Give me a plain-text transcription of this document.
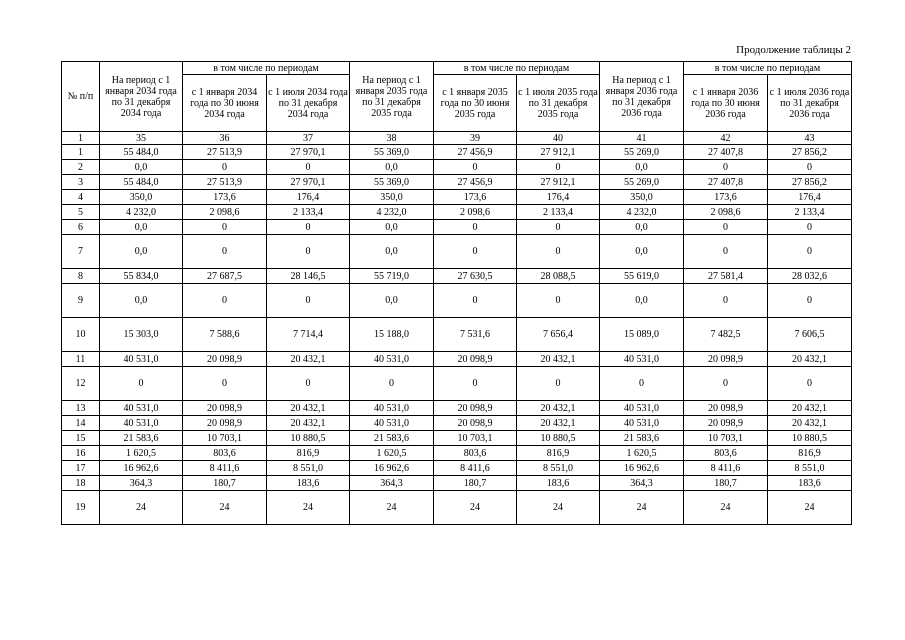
Продолжение таблицы 2
№ п/п	На период с 1 января 2034 года по 31 декабря 2034 года	в том числе по периодам		На период с 1 января 2035 года по 31 декабря 2035 года	в том числе по периодам		На период с 1 января 2036 года по 31 декабря 2036 года	в том числе по периодам	
		с 1 января 2034 года по 30 июня 2034 года	с 1 июля 2034 года по 31 декабря 2034 года		с 1 января 2035 года по 30 июня 2035 года	с 1 июля 2035 года по 31 декабря 2035 года		с 1 января 2036 года по 30 июня 2036 года	с 1 июля 2036 года по 31 декабря 2036 года
1	35	36	37	38	39	40	41	42	43
1	55 484,0	27 513,9	27 970,1	55 369,0	27 456,9	27 912,1	55 269,0	27 407,8	27 856,2
2	0,0	0	0	0,0	0	0	0,0	0	0
3	55 484,0	27 513,9	27 970,1	55 369,0	27 456,9	27 912,1	55 269,0	27 407,8	27 856,2
4	350,0	173,6	176,4	350,0	173,6	176,4	350,0	173,6	176,4
5	4 232,0	2 098,6	2 133,4	4 232,0	2 098,6	2 133,4	4 232,0	2 098,6	2 133,4
6	0,0	0	0	0,0	0	0	0,0	0	0
7	0,0	0	0	0,0	0	0	0,0	0	0
8	55 834,0	27 687,5	28 146,5	55 719,0	27 630,5	28 088,5	55 619,0	27 581,4	28 032,6
9	0,0	0	0	0,0	0	0	0,0	0	0
10	15 303,0	7 588,6	7 714,4	15 188,0	7 531,6	7 656,4	15 089,0	7 482,5	7 606,5
11	40 531,0	20 098,9	20 432,1	40 531,0	20 098,9	20 432,1	40 531,0	20 098,9	20 432,1
12	0	0	0	0	0	0	0	0	0
13	40 531,0	20 098,9	20 432,1	40 531,0	20 098,9	20 432,1	40 531,0	20 098,9	20 432,1
14	40 531,0	20 098,9	20 432,1	40 531,0	20 098,9	20 432,1	40 531,0	20 098,9	20 432,1
15	21 583,6	10 703,1	10 880,5	21 583,6	10 703,1	10 880,5	21 583,6	10 703,1	10 880,5
16	1 620,5	803,6	816,9	1 620,5	803,6	816,9	1 620,5	803,6	816,9
17	16 962,6	8 411,6	8 551,0	16 962,6	8 411,6	8 551,0	16 962,6	8 411,6	8 551,0
18	364,3	180,7	183,6	364,3	180,7	183,6	364,3	180,7	183,6
19	24	24	24	24	24	24	24	24	24
